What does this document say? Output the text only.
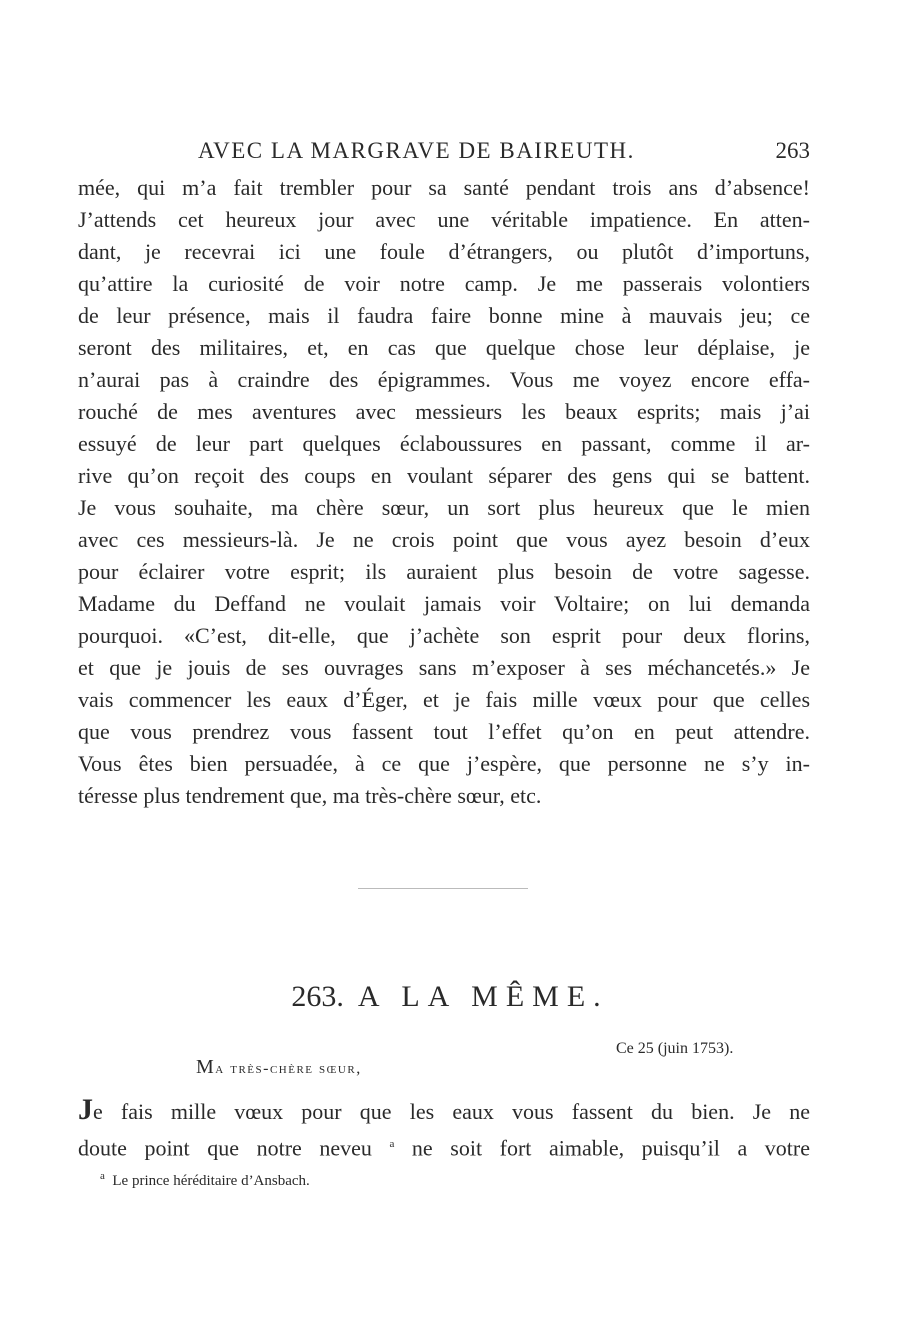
AVEC LA MARGRAVE DE BAIREUTH.	263
mée, qui m’a fait trembler pour sa santé pendant trois ans d’absence!
J’attends cet heureux jour avec une véritable impatience. En atten-
dant, je recevrai ici une foule d’étrangers, ou plutôt d’importuns,
qu’attire la curiosité de voir notre camp. Je me passerais volontiers
de leur présence, mais il faudra faire bonne mine à mauvais jeu; ce
seront des militaires, et, en cas que quelque chose leur déplaise, je
n’aurai pas à craindre des épigrammes. Vous me voyez encore effa-
rouché de mes aventures avec messieurs les beaux esprits; mais j’ai
essuyé de leur part quelques éclaboussures en passant, comme il ar-
rive qu’on reçoit des coups en voulant séparer des gens qui se battent.
Je vous souhaite, ma chère sœur, un sort plus heureux que le mien
avec ces messieurs-là. Je ne crois point que vous ayez besoin d’eux
pour éclairer votre esprit; ils auraient plus besoin de votre sagesse.
Madame du Deffand ne voulait jamais voir Voltaire; on lui demanda
pourquoi. «C’est, dit-elle, que j’achète son esprit pour deux florins,
et que je jouis de ses ouvrages sans m’exposer à ses méchancetés.» Je
vais commencer les eaux d’Éger, et je fais mille vœux pour que celles
que vous prendrez vous fassent tout l’effet qu’on en peut attendre.
Vous êtes bien persuadée, à ce que j’espère, que personne ne s’y in-
téresse plus tendrement que, ma très-chère sœur, etc.
263. A LA MÊME.
Ce 25 (juin 1753).
Ma très-chère sœur,
Je fais mille vœux pour que les eaux vous fassent du bien. Je ne
doute point que notre neveu $^a$ ne soit fort aimable, puisqu’il a votre
$^a$ Le prince héréditaire d’Ansbach.
